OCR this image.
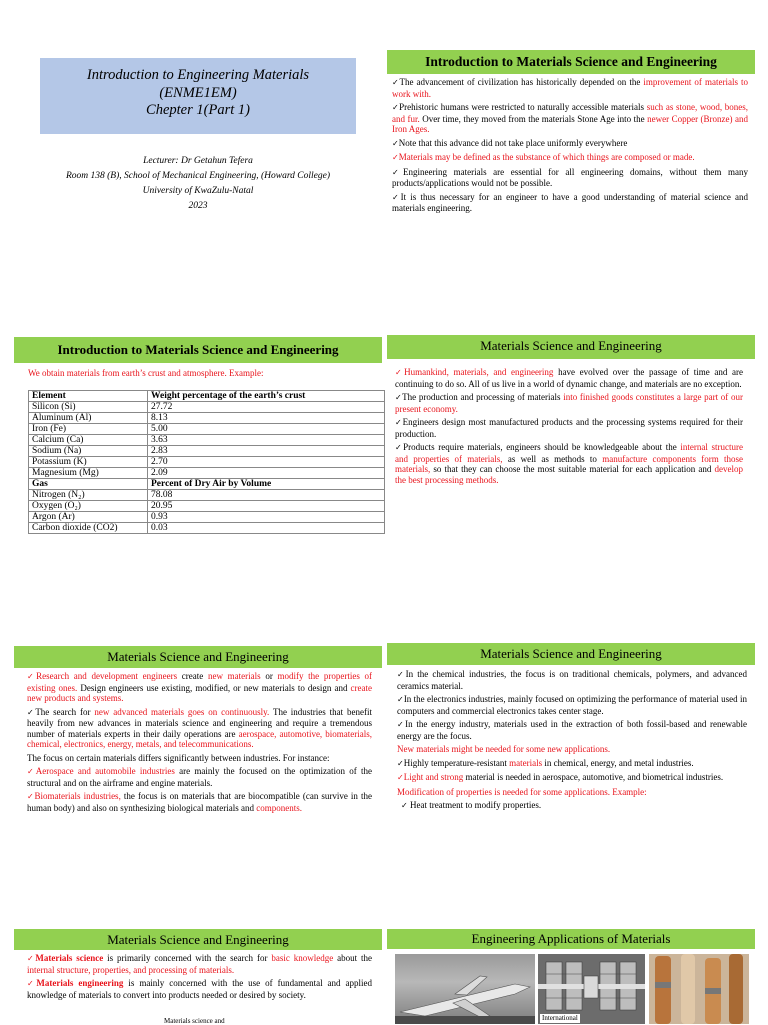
Introduction to Engineering Materials
(ENME1EM)
Chepter 1(Part 1)
Lecturer: Dr Getahun Tefera
Room 138 (B), School of Mechanical Engineering, (Howard College)
University of KwaZulu-Natal
2023
Introduction to Materials Science and Engineering
✓The advancement of civilization has historically depended on the improvement of materials to work with.
✓Prehistoric humans were restricted to naturally accessible materials such as stone, wood, bones, and fur. Over time, they moved from the materials Stone Age into the newer Copper (Bronze) and Iron Ages.
✓Note that this advance did not take place uniformly everywhere
✓Materials may be defined as the substance of which things are composed or made.
✓Engineering materials are essential for all engineering domains, without them many products/applications would not be possible.
✓It is thus necessary for an engineer to have a good understanding of material science and materials engineering.
Introduction to Materials Science and Engineering
We obtain materials from earth’s crust and atmosphere. Example:
Element	Weight percentage of the earth’s crust
Silicon (Si)	27.72
Aluminum (Al)	8.13
Iron (Fe)	5.00
Calcium (Ca)	3.63
Sodium (Na)	2.83
Potassium (K)	2.70
Magnesium (Mg)	2.09
Gas	Percent of Dry Air by Volume
Nitrogen (N₂)	78.08
Oxygen (O₂)	20.95
Argon (Ar)	0.93
Carbon dioxide (CO2)	0.03
Materials Science and Engineering
✓Humankind, materials, and engineering have evolved over the passage of time and are continuing to do so. All of us live in a world of dynamic change, and materials are no exception.
✓The production and processing of materials into finished goods constitutes a large part of our present economy.
✓Engineers design most manufactured products and the processing systems required for their production.
✓Products require materials, engineers should be knowledgeable about the internal structure and properties of materials, as well as methods to manufacture components form those materials, so that they can choose the most suitable material for each application and develop the best processing methods.
Materials Science and Engineering
✓Research and development engineers create new materials or modify the properties of existing ones. Design engineers use existing, modified, or new materials to design and create new products and systems.
✓The search for new advanced materials goes on continuously. The industries that benefit heavily from new advances in materials science and engineering and require a tremendous number of materials experts in their daily operations are aerospace, automotive, biomaterials, chemical, electronics, energy, metals, and telecommunications.
The focus on certain materials differs significantly between industries. For instance:
✓Aerospace and automobile industries are mainly the focused on the optimization of the structural and on the airframe and engine materials.
✓Biomaterials industries, the focus is on materials that are biocompatible (can survive in the human body) and also on synthesizing biological materials and components.
Materials Science and Engineering
✓In the chemical industries, the focus is on traditional chemicals, polymers, and advanced ceramics material.
✓In the electronics industries, mainly focused on optimizing the performance of material used in computers and commercial electronics takes center stage.
✓In the energy industry, materials used in the extraction of both fossil-based and renewable energy are the focus.
New materials might be needed for some new applications.
✓Highly temperature-resistant materials in chemical, energy, and metal industries.
✓Light and strong material is needed in aerospace, automotive, and biometrical industries.
Modification of properties is needed for some applications. Example:
✓ Heat treatment to modify properties.
Materials Science and Engineering
✓Materials science is primarily concerned with the search for basic knowledge about the internal structure, properties, and processing of materials.
✓Materials engineering is mainly concerned with the use of fundamental and applied knowledge of materials to convert into products needed or desired by society.
Materials science and
Engineering Applications of Materials
International
